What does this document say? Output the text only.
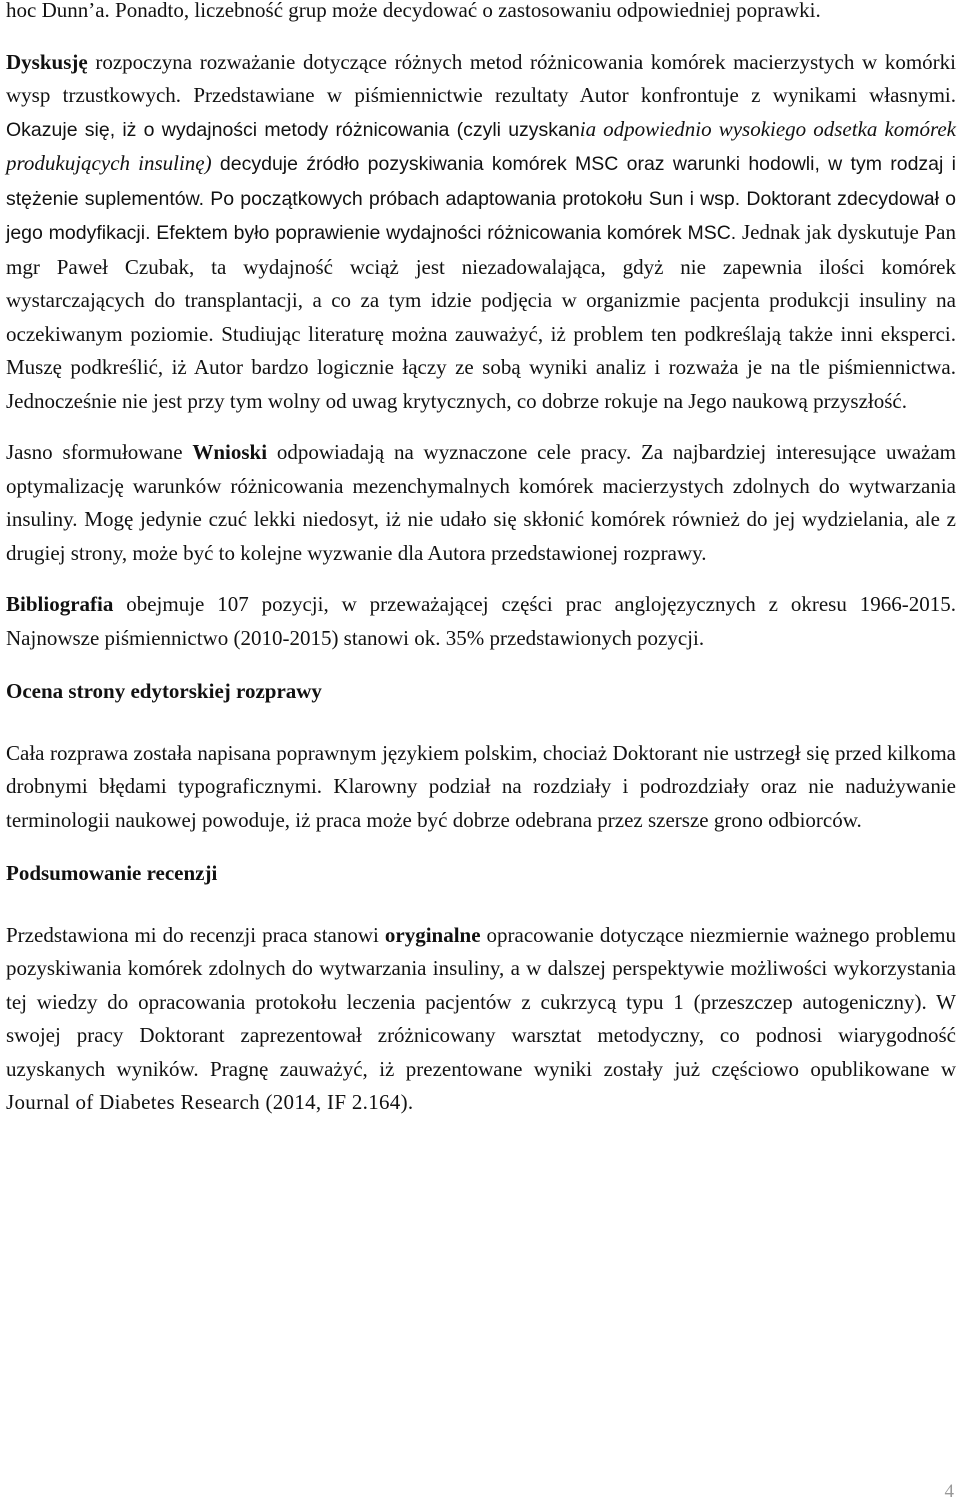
hoc Dunn’a. Ponadto, liczebność grup może decydować o zastosowaniu odpowiedniej poprawki.

Dyskusję rozpoczyna rozważanie dotyczące różnych metod różnicowania komórek macierzystych w komórki wysp trzustkowych. Przedstawiane w piśmiennictwie rezultaty Autor konfrontuje z wynikami własnymi. Okazuje się, iż o wydajności metody różnicowania (czyli uzyskania odpowiednio wysokiego odsetka komórek produkujących insulinę) decyduje źródło pozyskiwania komórek MSC oraz warunki hodowli, w tym rodzaj i stężenie suplementów. Po początkowych próbach adaptowania protokołu Sun i wsp. Doktorant zdecydował o jego modyfikacji. Efektem było poprawienie wydajności różnicowania komórek MSC. Jednak jak dyskutuje Pan mgr Paweł Czubak, ta wydajność wciąż jest niezadowalająca, gdyż nie zapewnia ilości komórek wystarczających do transplantacji, a co za tym idzie podjęcia w organizmie pacjenta produkcji insuliny na oczekiwanym poziomie. Studiując literaturę można zauważyć, iż problem ten podkreślają także inni eksperci. Muszę podkreślić, iż Autor bardzo logicznie łączy ze sobą wyniki analiz i rozważa je na tle piśmiennictwa. Jednocześnie nie jest przy tym wolny od uwag krytycznych, co dobrze rokuje na Jego naukową przyszłość.

Jasno sformułowane Wnioski odpowiadają na wyznaczone cele pracy. Za najbardziej interesujące uważam optymalizację warunków różnicowania mezenchymalnych komórek macierzystych zdolnych do wytwarzania insuliny. Mogę jedynie czuć lekki niedosyt, iż nie udało się skłonić komórek również do jej wydzielania, ale z drugiej strony, może być to kolejne wyzwanie dla Autora przedstawionej rozprawy.

Bibliografia obejmuje 107 pozycji, w przeważającej części prac anglojęzycznych z okresu 1966-2015. Najnowsze piśmiennictwo (2010-2015) stanowi ok. 35% przedstawionych pozycji.

Ocena strony edytorskiej rozprawy

Cała rozprawa została napisana poprawnym językiem polskim, chociaż Doktorant nie ustrzegł się przed kilkoma drobnymi błędami typograficznymi. Klarowny podział na rozdziały i podrozdziały oraz nie nadużywanie terminologii naukowej powoduje, iż praca może być dobrze odebrana przez szersze grono odbiorców.

Podsumowanie recenzji

Przedstawiona mi do recenzji praca stanowi oryginalne opracowanie dotyczące niezmiernie ważnego problemu pozyskiwania komórek zdolnych do wytwarzania insuliny, a w dalszej perspektywie możliwości wykorzystania tej wiedzy do opracowania protokołu leczenia pacjentów z cukrzycą typu 1 (przeszczep autogeniczny). W swojej pracy Doktorant zaprezentował zróżnicowany warsztat metodyczny, co podnosi wiarygodność uzyskanych wyników. Pragnę zauważyć, iż prezentowane wyniki zostały już częściowo opublikowane w Journal of Diabetes Research (2014, IF 2.164).

4
